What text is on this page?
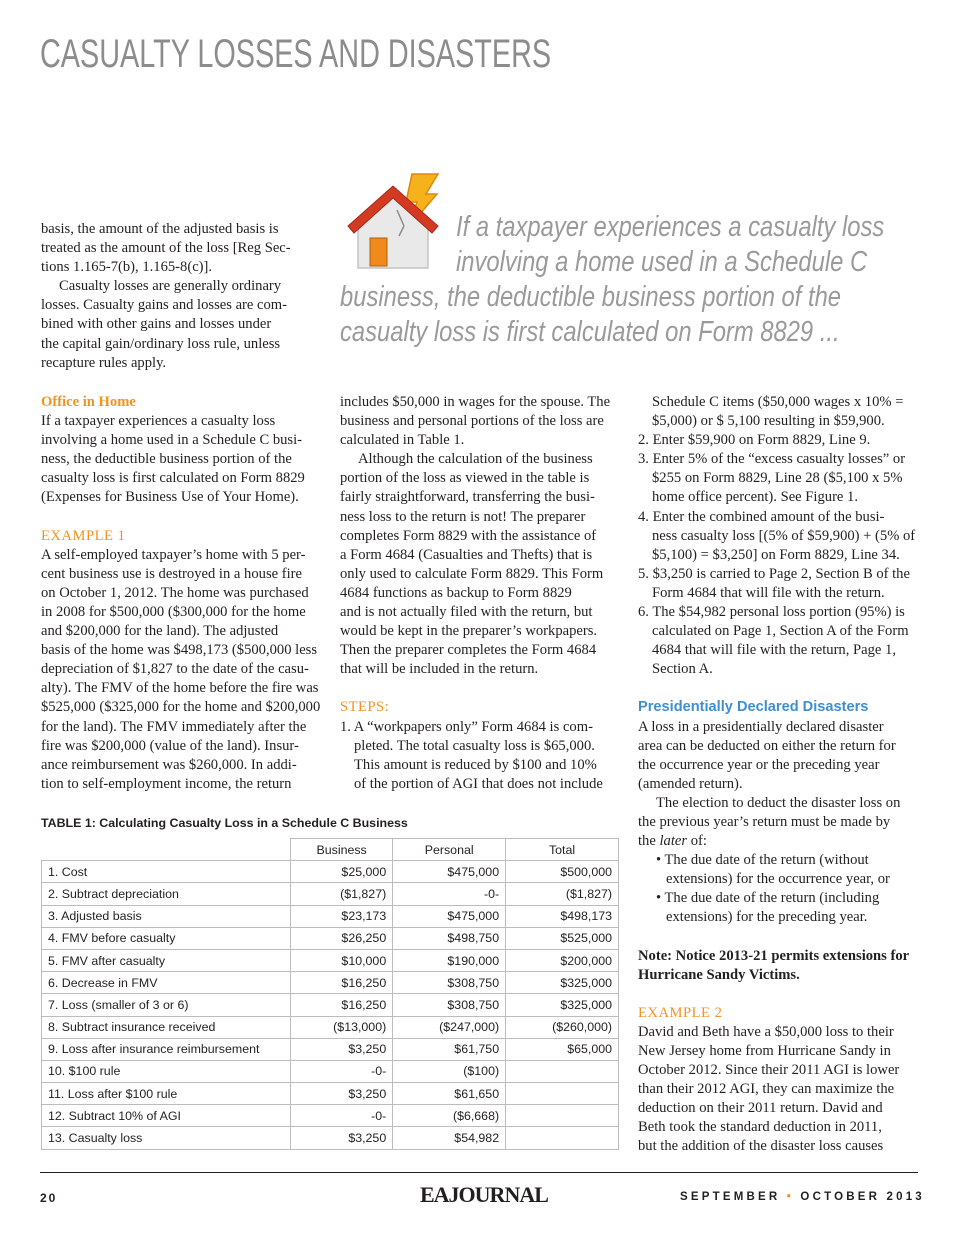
CASUALTY LOSSES AND DISASTERS
If a taxpayer experiences a casualty loss
involving a home used in a Schedule C
business, the deductible business portion of the
casualty loss is first calculated on Form 8829 ...

basis, the amount of the adjusted basis is

treated as the amount of the loss [Reg Sec-

tions 1.165-7(b), 1.165-8(c)].

Casualty losses are generally ordinary

losses. Casualty gains and losses are com-

bined with other gains and losses under

the capital gain/ordinary loss rule, unless

recapture rules apply.

Office in Home

If a taxpayer experiences a casualty loss

involving a home used in a Schedule C busi-

ness, the deductible business portion of the

casualty loss is first calculated on Form 8829

(Expenses for Business Use of Your Home).

EXAMPLE 1

A self-employed taxpayer’s home with 5 per-

cent business use is destroyed in a house fire

on October 1, 2012. The home was purchased

in 2008 for $500,000 ($300,000 for the home

and $200,000 for the land). The adjusted

basis of the home was $498,173 ($500,000 less

depreciation of $1,827 to the date of the casu-

alty). The FMV of the home before the fire was

$525,000 ($325,000 for the home and $200,000

for the land). The FMV immediately after the

fire was $200,000 (value of the land). Insur-

ance reimbursement was $260,000. In addi-

tion to self-employment income, the return

includes $50,000 in wages for the spouse. The

business and personal portions of the loss are

calculated in Table 1.

Although the calculation of the business

portion of the loss as viewed in the table is

fairly straightforward, transferring the busi-

ness loss to the return is not! The preparer

completes Form 8829 with the assistance of

a Form 4684 (Casualties and Thefts) that is

only used to calculate Form 8829. This Form

4684 functions as backup to Form 8829

and is not actually filed with the return, but

would be kept in the preparer’s workpapers.

Then the preparer completes the Form 4684

that will be included in the return.

STEPS:

1. A “workpapers only” Form 4684 is com-
pleted. The total casualty loss is $65,000.
This amount is reduced by $100 and 10%
of the portion of AGI that does not include

Schedule C items ($50,000 wages x 10% =

$5,000) or $ 5,100 resulting in $59,900.

2. Enter $59,900 on Form 8829, Line 9.
3. Enter 5% of the “excess casualty losses” or
$255 on Form 8829, Line 28 ($5,100 x 5%
home office percent). See Figure 1.
4. Enter the combined amount of the busi-
ness casualty loss [(5% of $59,900) + (5% of
$5,100) = $3,250] on Form 8829, Line 34.
5. $3,250 is carried to Page 2, Section B of the
Form 4684 that will file with the return.
6. The $54,982 personal loss portion (95%) is
calculated on Page 1, Section A of the Form
4684 that will file with the return, Page 1,
Section A.

Presidentially Declared Disasters

A loss in a presidentially declared disaster

area can be deducted on either the return for

the occurrence year or the preceding year

(amended return).

The election to deduct the disaster loss on

the previous year’s return must be made by

the later of:

• The due date of the return (without
extensions) for the occurrence year, or
• The due date of the return (including
extensions) for the preceding year.

Note: Notice 2013-21 permits extensions for

Hurricane Sandy Victims.

EXAMPLE 2

David and Beth have a $50,000 loss to their

New Jersey home from Hurricane Sandy in

October 2012. Since their 2011 AGI is lower

than their 2012 AGI, they can maximize the

deduction on their 2011 return. David and

Beth took the standard deduction in 2011,

but the addition of the disaster loss causes

TABLE 1: Calculating Casualty Loss in a Schedule C Business
	Business	Personal	Total
1. Cost	$25,000	$475,000	$500,000
2. Subtract depreciation	($1,827)	-0-	($1,827)
3. Adjusted basis	$23,173	$475,000	$498,173
4. FMV before casualty	$26,250	$498,750	$525,000
5. FMV after casualty	$10,000	$190,000	$200,000
6. Decrease in FMV	$16,250	$308,750	$325,000
7. Loss (smaller of 3 or 6)	$16,250	$308,750	$325,000
8. Subtract insurance received	($13,000)	($247,000)	($260,000)
9. Loss after insurance reimbursement	$3,250	$61,750	$65,000
10. $100 rule	-0-	($100)	
11. Loss after $100 rule	$3,250	$61,650	
12. Subtract 10% of AGI	-0-	($6,668)	
13. Casualty loss	$3,250	$54,982	
20	EAJOURNAL	SEPTEMBER • OCTOBER 2013
